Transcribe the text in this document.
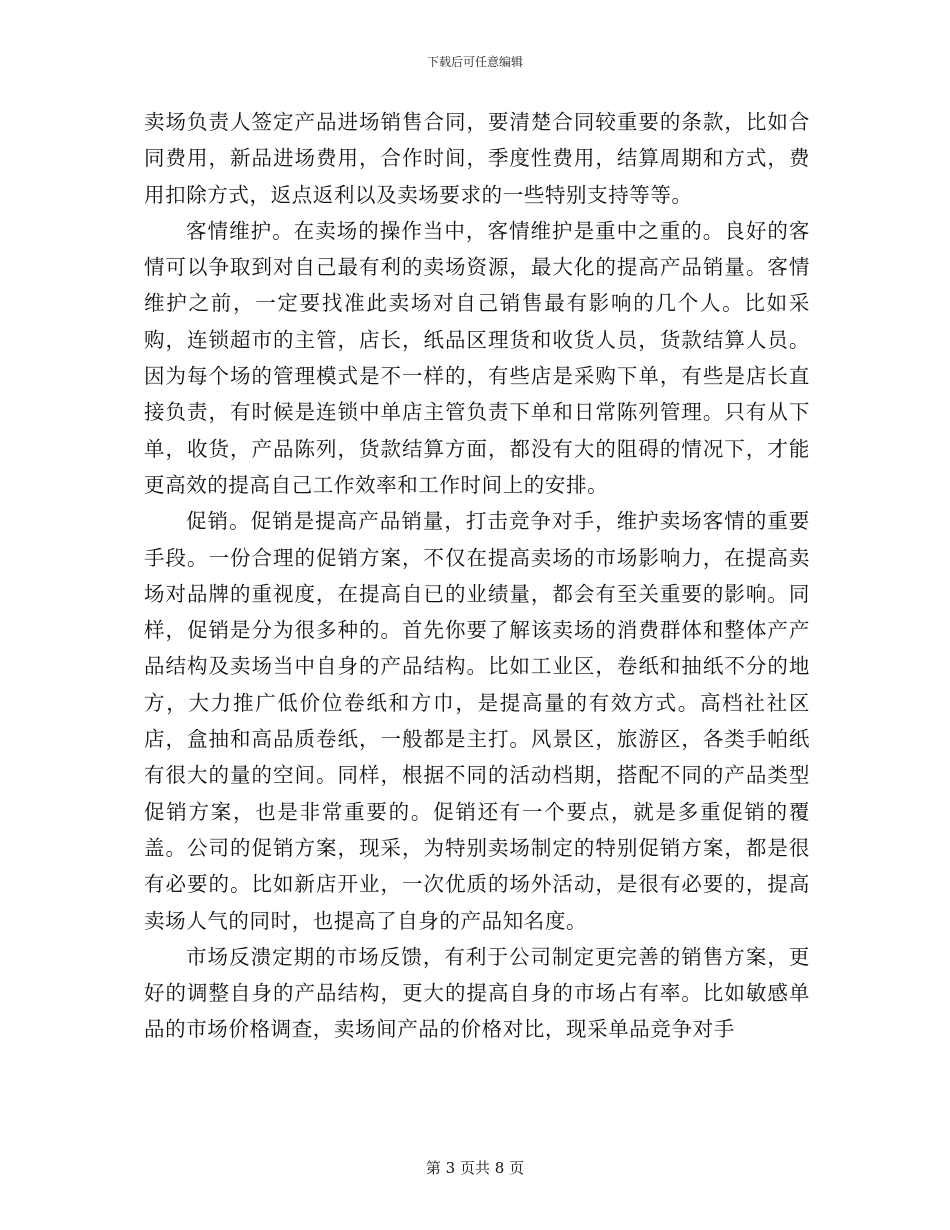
下载后可任意编辑

卖场负责人签定产品进场销售合同，要清楚合同较重要的条款，比如合同费用，新品进场费用，合作时间，季度性费用，结算周期和方式，费用扣除方式，返点返利以及卖场要求的一些特别支持等等。

客情维护。在卖场的操作当中，客情维护是重中之重的。良好的客情可以争取到对自己最有利的卖场资源，最大化的提高产品销量。客情维护之前，一定要找准此卖场对自己销售最有影响的几个人。比如采购，连锁超市的主管，店长，纸品区理货和收货人员，货款结算人员。因为每个场的管理模式是不一样的，有些店是采购下单，有些是店长直接负责，有时候是连锁中单店主管负责下单和日常陈列管理。只有从下单，收货，产品陈列，货款结算方面，都没有大的阻碍的情况下，才能更高效的提高自己工作效率和工作时间上的安排。

促销。促销是提高产品销量，打击竞争对手，维护卖场客情的重要手段。一份合理的促销方案，不仅在提高卖场的市场影响力，在提高卖场对品牌的重视度，在提高自已的业绩量，都会有至关重要的影响。同样，促销是分为很多种的。首先你要了解该卖场的消费群体和整体产产品结构及卖场当中自身的产品结构。比如工业区，卷纸和抽纸不分的地方，大力推广低价位卷纸和方巾，是提高量的有效方式。高档社社区店，盒抽和高品质卷纸，一般都是主打。风景区，旅游区，各类手帕纸有很大的量的空间。同样，根据不同的活动档期，搭配不同的产品类型促销方案，也是非常重要的。促销还有一个要点，就是多重促销的覆盖。公司的促销方案，现采，为特别卖场制定的特别促销方案，都是很有必要的。比如新店开业，一次优质的场外活动，是很有必要的，提高卖场人气的同时，也提高了自身的产品知名度。

市场反溃定期的市场反馈，有利于公司制定更完善的销售方案，更好的调整自身的产品结构，更大的提高自身的市场占有率。比如敏感单品的市场价格调查，卖场间产品的价格对比，现采单品竞争对手

第 3 页共 8 页
